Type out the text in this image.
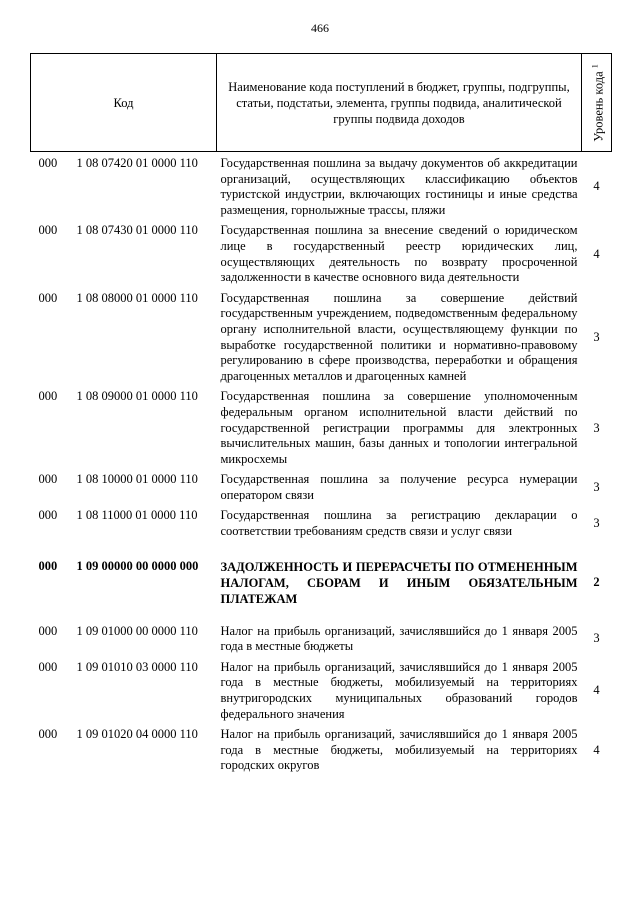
466
Код		Наименование кода поступлений в бюджет, группы, подгруппы, статьи, подстатьи, элемента, группы подвида, аналитической группы подвида доходов	Уровень кода $^1$

000	1 08 07420 01 0000 110	Государственная пошлина за выдачу документов об аккредитации организаций, осуществляющих классификацию объектов туристской индустрии, включающих гостиницы и иные средства размещения, горнолыжные трассы, пляжи	4
000	1 08 07430 01 0000 110	Государственная пошлина за внесение сведений о юридическом лице в государственный реестр юридических лиц, осуществляющих деятельность по возврату просроченной задолженности в качестве основного вида деятельности	4
000	1 08 08000 01 0000 110	Государственная пошлина за совершение действий государственным учреждением, подведомственным федеральному органу исполнительной власти, осуществляющему функции по выработке государственной политики и нормативно-правовому регулированию в сфере производства, переработки и обращения драгоценных металлов и драгоценных камней	3
000	1 08 09000 01 0000 110	Государственная пошлина за совершение уполномоченным федеральным органом исполнительной власти действий по государственной регистрации программы для электронных вычислительных машин, базы данных и топологии интегральной микросхемы	3
000	1 08 10000 01 0000 110	Государственная пошлина за получение ресурса нумерации оператором связи	3
000	1 08 11000 01 0000 110	Государственная пошлина за регистрацию декларации о соответствии требованиям средств связи и услуг связи	3
000	1 09 00000 00 0000 000	ЗАДОЛЖЕННОСТЬ И ПЕРЕРАСЧЕТЫ ПО ОТМЕНЕННЫМ НАЛОГАМ, СБОРАМ И ИНЫМ ОБЯЗАТЕЛЬНЫМ ПЛАТЕЖАМ	2
000	1 09 01000 00 0000 110	Налог на прибыль организаций, зачислявшийся до 1 января 2005 года в местные бюджеты	3
000	1 09 01010 03 0000 110	Налог на прибыль организаций, зачислявшийся до 1 января 2005 года в местные бюджеты, мобилизуемый на территориях внутригородских муниципальных образований городов федерального значения	4
000	1 09 01020 04 0000 110	Налог на прибыль организаций, зачислявшийся до 1 января 2005 года в местные бюджеты, мобилизуемый на территориях городских округов	4
